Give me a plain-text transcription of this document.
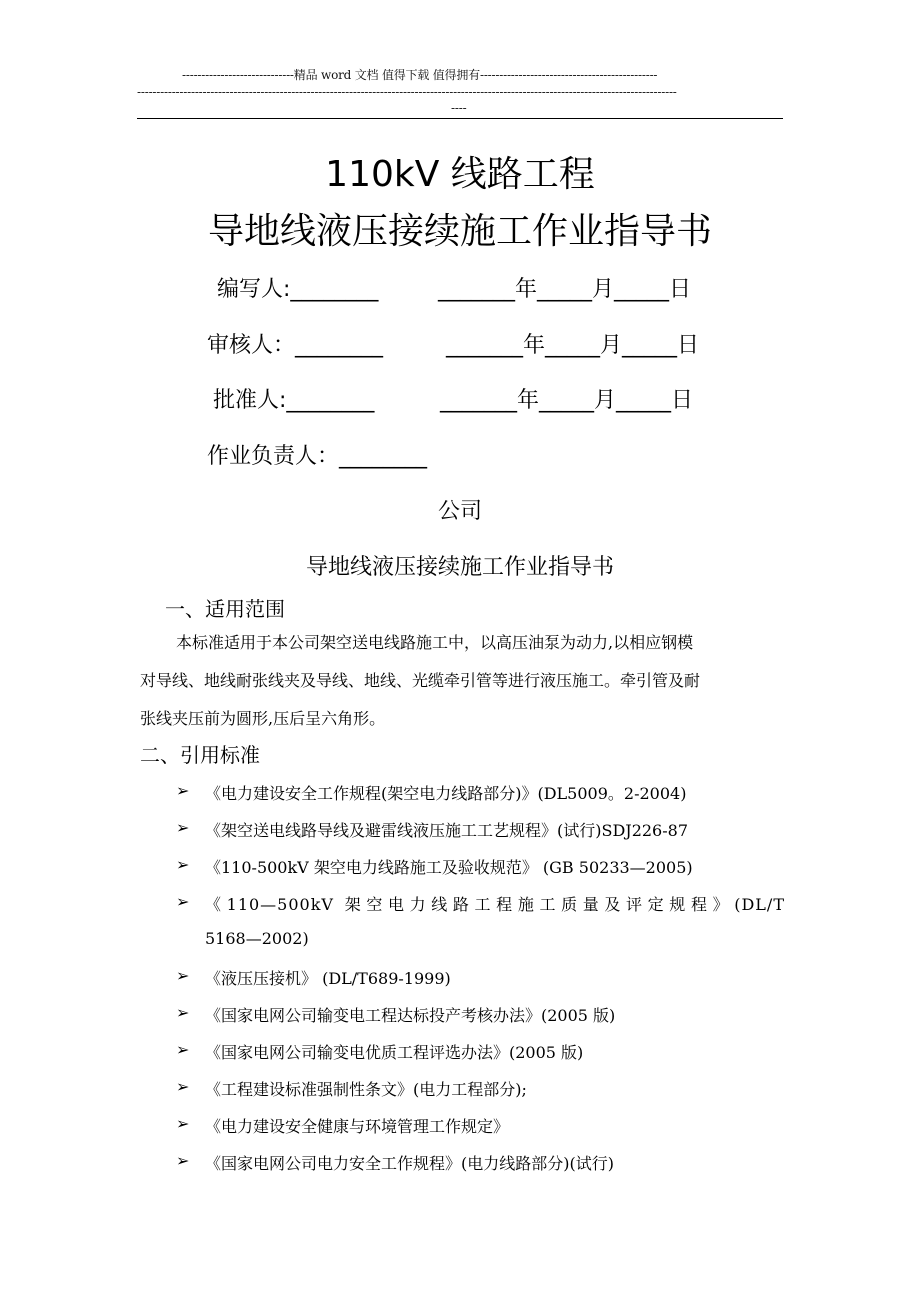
-----------------------------精品 word 文档 值得下载 值得拥有----------------------------------------------
--------------------------------------------------------------------------------------------------------------------------------------------
----
110kV 线路工程
导地线液压接续施工作业指导书
编写人:________	_______年_____月_____日
审核人：________	_______年_____月_____日
批准人:________	_______年_____月_____日
作业负责人：________
公司
导地线液压接续施工作业指导书
一、适用范围
本标准适用于本公司架空送电线路施工中，以高压油泵为动力,以相应钢模
对导线、地线耐张线夹及导线、地线、光缆牵引管等进行液压施工。牵引管及耐
张线夹压前为圆形,压后呈六角形。
二、引用标准
➢ 《电力建设安全工作规程(架空电力线路部分)》(DL5009。2-2004)
➢ 《架空送电线路导线及避雷线液压施工工艺规程》(试行)SDJ226-87
➢ 《110-500kV 架空电力线路施工及验收规范》 (GB 50233—2005)
➢ 《110—500kV 架空电力线路工程施工质量及评定规程》(DL/T
5168—2002)
➢ 《液压压接机》 (DL/T689-1999)
➢ 《国家电网公司输变电工程达标投产考核办法》(2005 版)
➢ 《国家电网公司输变电优质工程评选办法》(2005 版)
➢ 《工程建设标准强制性条文》(电力工程部分);
➢ 《电力建设安全健康与环境管理工作规定》
➢ 《国家电网公司电力安全工作规程》(电力线路部分)(试行)
